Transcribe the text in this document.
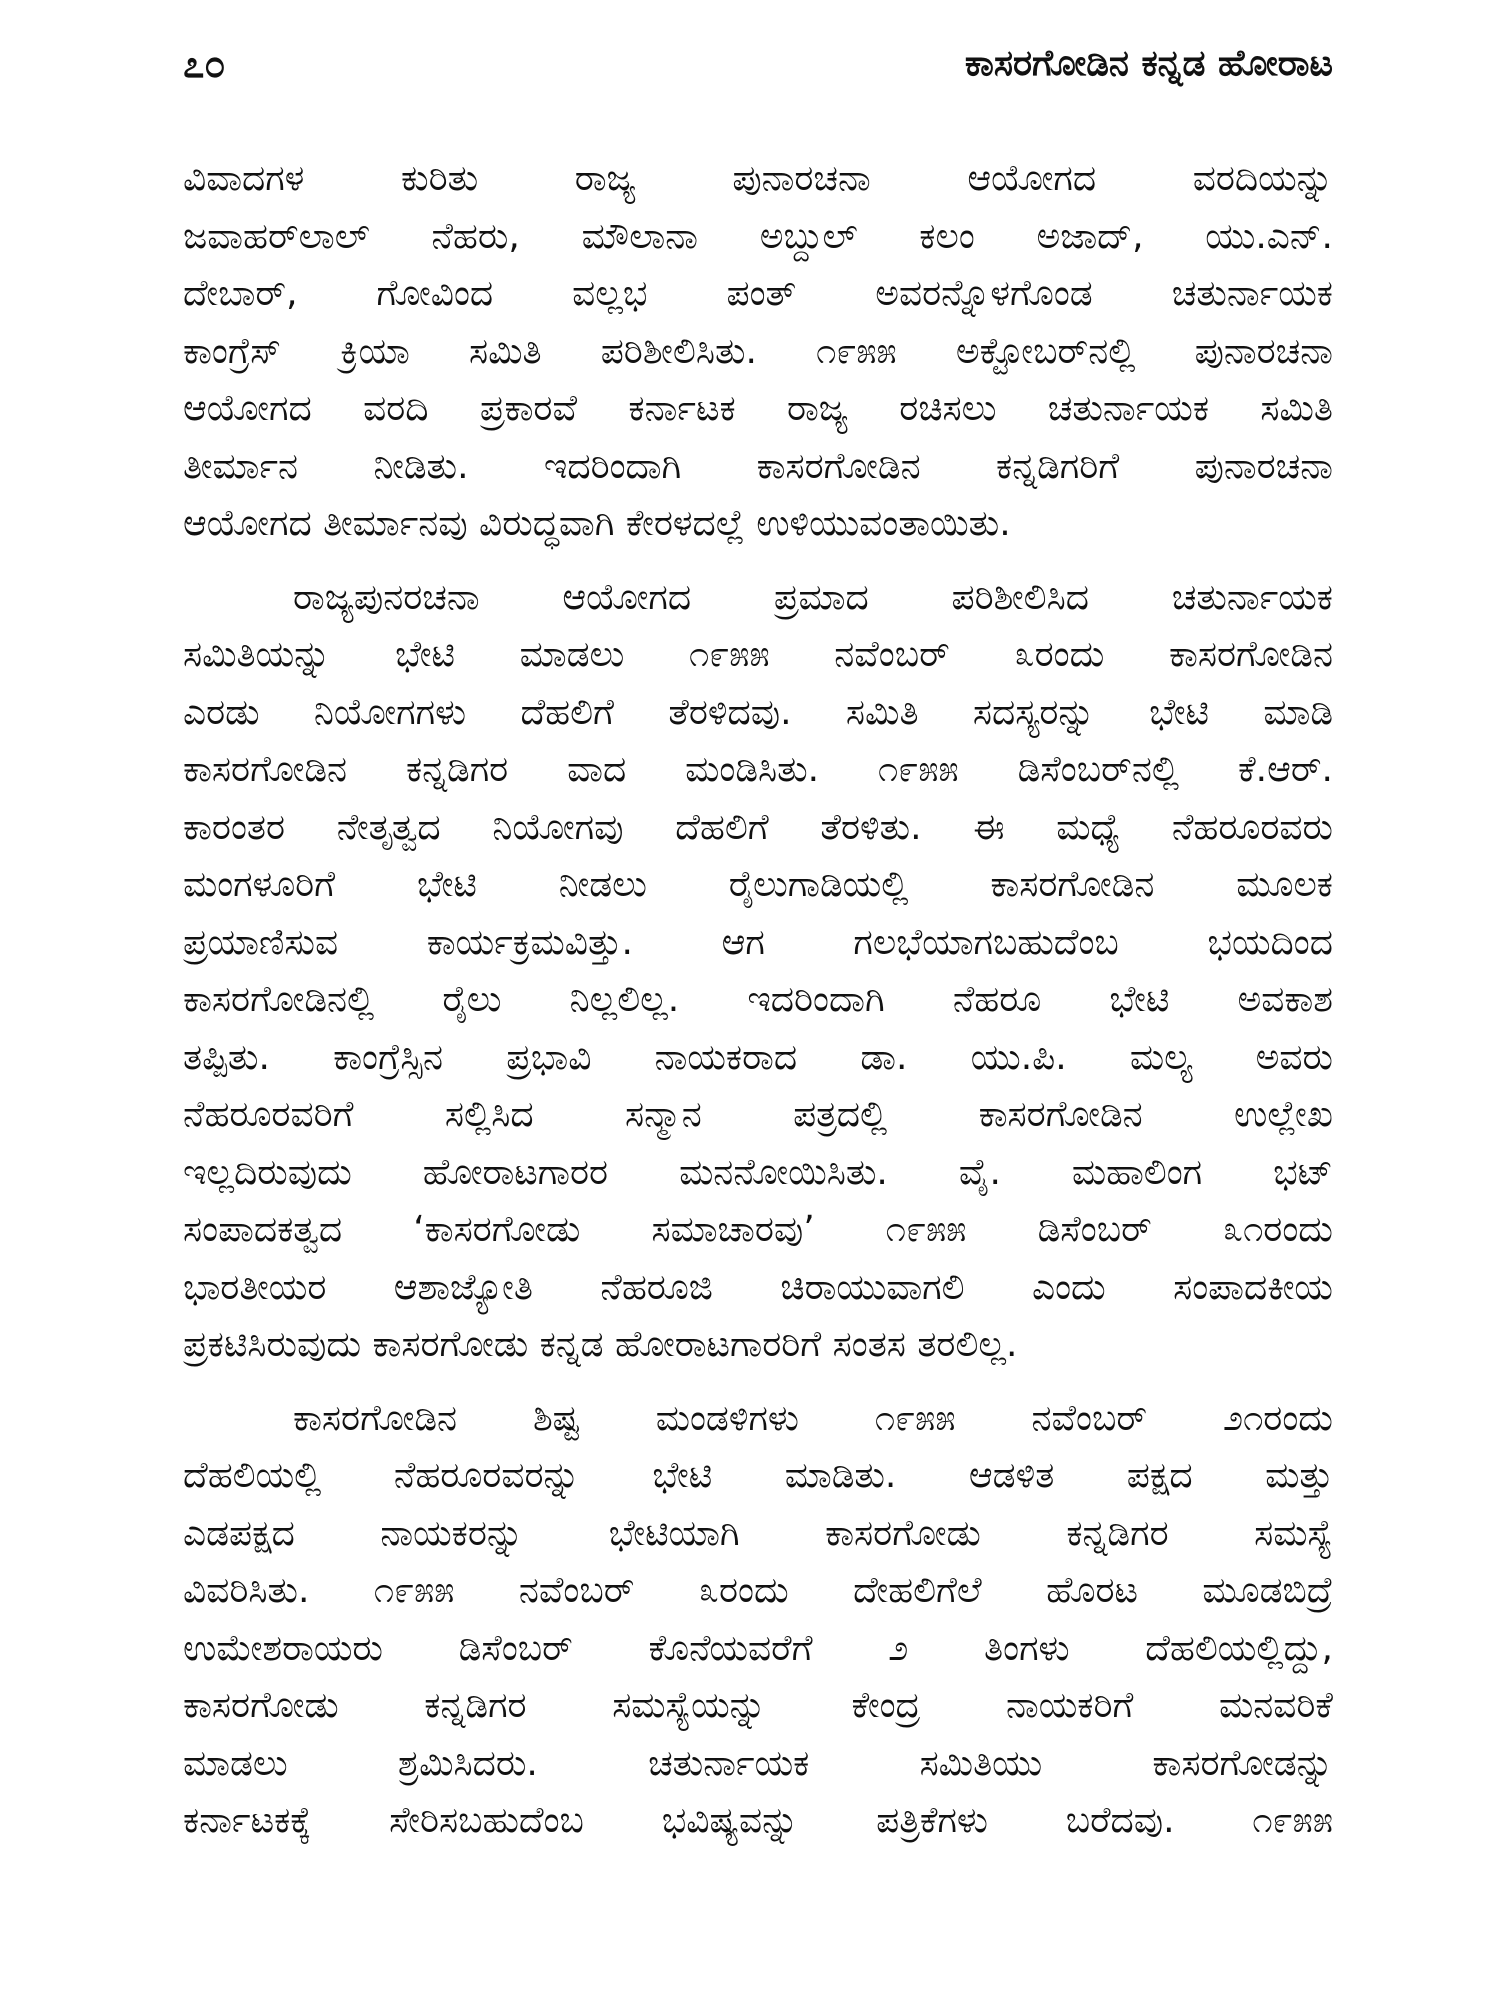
೭೦	ಕಾಸರಗೋಡಿನ ಕನ್ನಡ ಹೋರಾಟ
ವಿವಾದಗಳ ಕುರಿತು ರಾಜ್ಯ ಪುನಾರಚನಾ ಆಯೋಗದ ವರದಿಯನ್ನು
ಜವಾಹರ್‌ಲಾಲ್ ನೆಹರು, ಮೌಲಾನಾ ಅಬ್ದುಲ್ ಕಲಂ ಅಜಾದ್, ಯು.ಎನ್.
ದೇಬಾರ್, ಗೋವಿಂದ ವಲ್ಲಭ ಪಂತ್ ಅವರನ್ನೊಳಗೊಂಡ ಚತುರ್ನಾಯಕ
ಕಾಂಗ್ರೆಸ್ ಕ್ರಿಯಾ ಸಮಿತಿ ಪರಿಶೀಲಿಸಿತು. ೧೯೫೫ ಅಕ್ಟೋಬರ್‌ನಲ್ಲಿ ಪುನಾರಚನಾ
ಆಯೋಗದ ವರದಿ ಪ್ರಕಾರವೆ ಕರ್ನಾಟಕ ರಾಜ್ಯ ರಚಿಸಲು ಚತುರ್ನಾಯಕ ಸಮಿತಿ
ತೀರ್ಮಾನ ನೀಡಿತು. ಇದರಿಂದಾಗಿ ಕಾಸರಗೋಡಿನ ಕನ್ನಡಿಗರಿಗೆ ಪುನಾರಚನಾ
ಆಯೋಗದ ತೀರ್ಮಾನವು ವಿರುದ್ಧವಾಗಿ ಕೇರಳದಲ್ಲೆ ಉಳಿಯುವಂತಾಯಿತು.
ರಾಜ್ಯಪುನರಚನಾ ಆಯೋಗದ ಪ್ರಮಾದ ಪರಿಶೀಲಿಸಿದ ಚತುರ್ನಾಯಕ
ಸಮಿತಿಯನ್ನು ಭೇಟಿ ಮಾಡಲು ೧೯೫೫ ನವೆಂಬರ್ ೩ರಂದು ಕಾಸರಗೋಡಿನ
ಎರಡು ನಿಯೋಗಗಳು ದೆಹಲಿಗೆ ತೆರಳಿದವು. ಸಮಿತಿ ಸದಸ್ಯರನ್ನು ಭೇಟಿ ಮಾಡಿ
ಕಾಸರಗೋಡಿನ ಕನ್ನಡಿಗರ ವಾದ ಮಂಡಿಸಿತು. ೧೯೫೫ ಡಿಸೆಂಬರ್‌ನಲ್ಲಿ ಕೆ.ಆರ್.
ಕಾರಂತರ ನೇತೃತ್ವದ ನಿಯೋಗವು ದೆಹಲಿಗೆ ತೆರಳಿತು. ಈ ಮಧ್ಯೆ ನೆಹರೂರವರು
ಮಂಗಳೂರಿಗೆ ಭೇಟಿ ನೀಡಲು ರೈಲುಗಾಡಿಯಲ್ಲಿ ಕಾಸರಗೋಡಿನ ಮೂಲಕ
ಪ್ರಯಾಣಿಸುವ ಕಾರ್ಯಕ್ರಮವಿತ್ತು. ಆಗ ಗಲಭೆಯಾಗಬಹುದೆಂಬ ಭಯದಿಂದ
ಕಾಸರಗೋಡಿನಲ್ಲಿ ರೈಲು ನಿಲ್ಲಲಿಲ್ಲ. ಇದರಿಂದಾಗಿ ನೆಹರೂ ಭೇಟಿ ಅವಕಾಶ
ತಪ್ಪಿತು. ಕಾಂಗ್ರೆಸ್ಸಿನ ಪ್ರಭಾವಿ ನಾಯಕರಾದ ಡಾ. ಯು.ಪಿ. ಮಲ್ಯ ಅವರು
ನೆಹರೂರವರಿಗೆ ಸಲ್ಲಿಸಿದ ಸನ್ಮಾನ ಪತ್ರದಲ್ಲಿ ಕಾಸರಗೋಡಿನ ಉಲ್ಲೇಖ
ಇಲ್ಲದಿರುವುದು ಹೋರಾಟಗಾರರ ಮನನೋಯಿಸಿತು. ವೈ. ಮಹಾಲಿಂಗ ಭಟ್
ಸಂಪಾದಕತ್ವದ ‘ಕಾಸರಗೋಡು ಸಮಾಚಾರವು’ ೧೯೫೫ ಡಿಸೆಂಬರ್ ೩೧ರಂದು
ಭಾರತೀಯರ ಆಶಾಜ್ಯೋತಿ ನೆಹರೂಜಿ ಚಿರಾಯುವಾಗಲಿ ಎಂದು ಸಂಪಾದಕೀಯ
ಪ್ರಕಟಿಸಿರುವುದು ಕಾಸರಗೋಡು ಕನ್ನಡ ಹೋರಾಟಗಾರರಿಗೆ ಸಂತಸ ತರಲಿಲ್ಲ.
ಕಾಸರಗೋಡಿನ ಶಿಷ್ಟ ಮಂಡಳಿಗಳು ೧೯೫೫ ನವೆಂಬರ್ ೨೧ರಂದು
ದೆಹಲಿಯಲ್ಲಿ ನೆಹರೂರವರನ್ನು ಭೇಟಿ ಮಾಡಿತು. ಆಡಳಿತ ಪಕ್ಷದ ಮತ್ತು
ಎಡಪಕ್ಷದ ನಾಯಕರನ್ನು ಭೇಟಿಯಾಗಿ ಕಾಸರಗೋಡು ಕನ್ನಡಿಗರ ಸಮಸ್ಯೆ
ವಿವರಿಸಿತು. ೧೯೫೫ ನವೆಂಬರ್ ೩ರಂದು ದೇಹಲಿಗೆಲೆ ಹೊರಟ ಮೂಡಬಿದ್ರೆ
ಉಮೇಶರಾಯರು ಡಿಸೆಂಬರ್ ಕೊನೆಯವರೆಗೆ ೨ ತಿಂಗಳು ದೆಹಲಿಯಲ್ಲಿದ್ದು,
ಕಾಸರಗೋಡು ಕನ್ನಡಿಗರ ಸಮಸ್ಯೆಯನ್ನು ಕೇಂದ್ರ ನಾಯಕರಿಗೆ ಮನವರಿಕೆ
ಮಾಡಲು ಶ್ರಮಿಸಿದರು. ಚತುರ್ನಾಯಕ ಸಮಿತಿಯು ಕಾಸರಗೋಡನ್ನು
ಕರ್ನಾಟಕಕ್ಕೆ ಸೇರಿಸಬಹುದೆಂಬ ಭವಿಷ್ಯವನ್ನು ಪತ್ರಿಕೆಗಳು ಬರೆದವು. ೧೯೫೫
